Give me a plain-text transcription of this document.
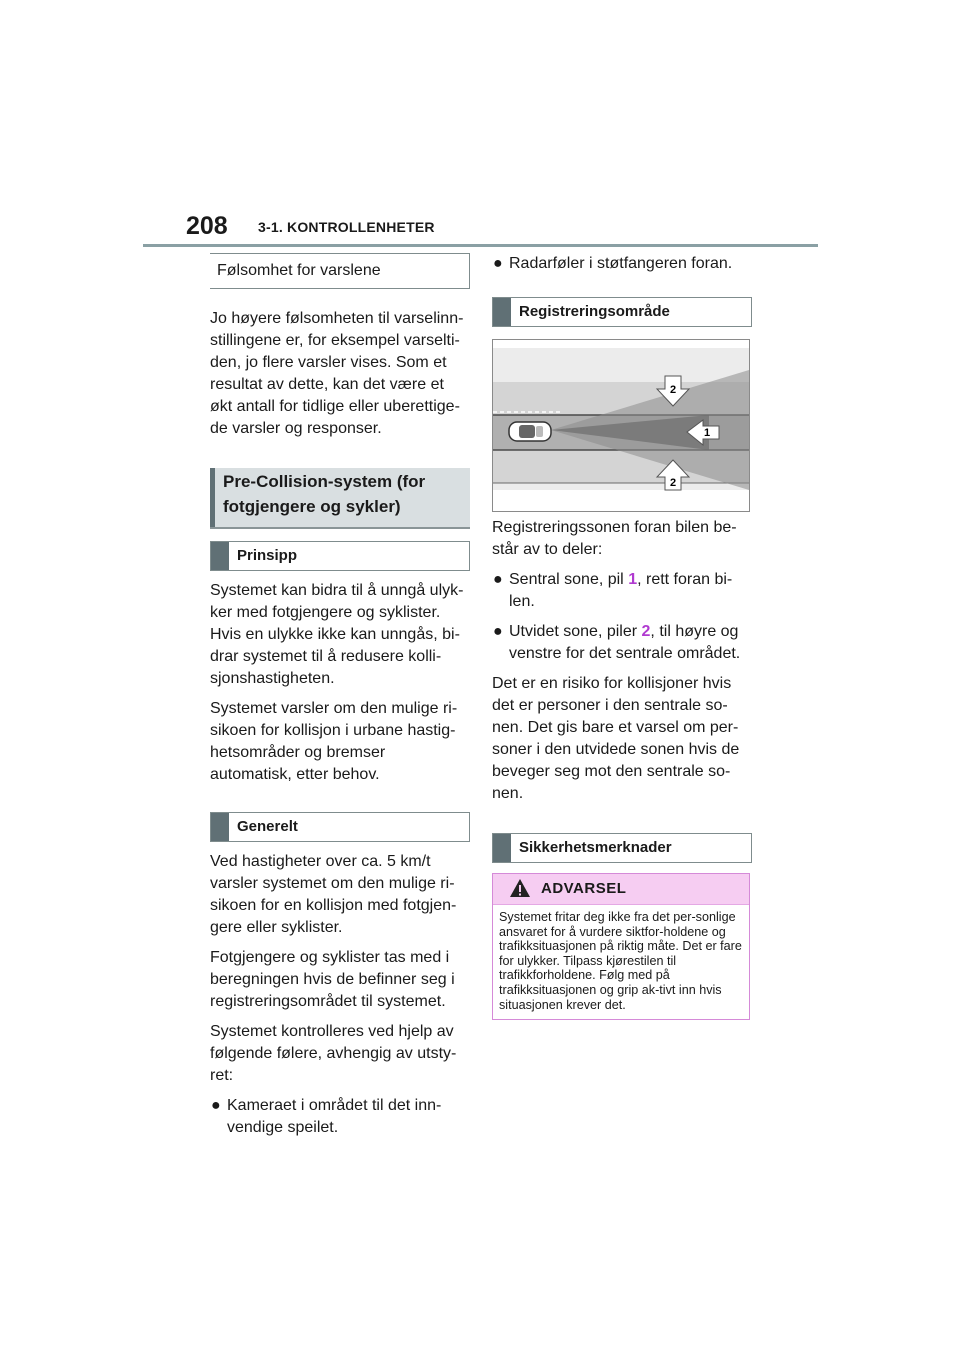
208 3-1. KONTROLLENHETER
Følsomhet for varslene

Jo høyere følsomheten til varselinn-stillingene er, for eksempel varselti-den, jo flere varsler vises. Som et resultat av dette, kan det være et økt antall for tidlige eller uberettige-de varsler og responser.

Pre-Collision-system (for fotgjengere og sykler)
Prinsipp

Systemet kan bidra til å unngå ulyk-ker med fotgjengere og syklister. Hvis en ulykke ikke kan unngås, bi-drar systemet til å redusere kolli-sjonshastigheten.

Systemet varsler om den mulige ri-sikoen for kollisjon i urbane hastig-hetsområder og bremser automatisk, etter behov.

Generelt

Ved hastigheter over ca. 5 km/t varsler systemet om den mulige ri-sikoen for en kollisjon med fotgjen-gere eller syklister.

Fotgjengere og syklister tas med i beregningen hvis de befinner seg i registreringsområdet til systemet.

Systemet kontrolleres ved hjelp av følgende følere, avhengig av utsty-ret:

● Kameraet i området til det inn-vendige speilet.
● Radarføler i støtfangeren foran.
Registreringsområde
2
1
2

Registreringssonen foran bilen be-står av to deler:

● Sentral sone, pil 1, rett foran bi-len.
● Utvidet sone, piler 2, til høyre og venstre for det sentrale området.

Det er en risiko for kollisjoner hvis det er personer i den sentrale so-nen. Det gis bare et varsel om per-soner i den utvidede sonen hvis de beveger seg mot den sentrale so-nen.

Sikkerhetsmerknader
ADVARSEL
Systemet fritar deg ikke fra det per-sonlige ansvaret for å vurdere siktfor-holdene og trafikksituasjonen på riktig måte. Det er fare for ulykker. Tilpass kjørestilen til trafikkforholdene. Følg med på trafikksituasjonen og grip ak-tivt inn hvis situasjonen krever det.
